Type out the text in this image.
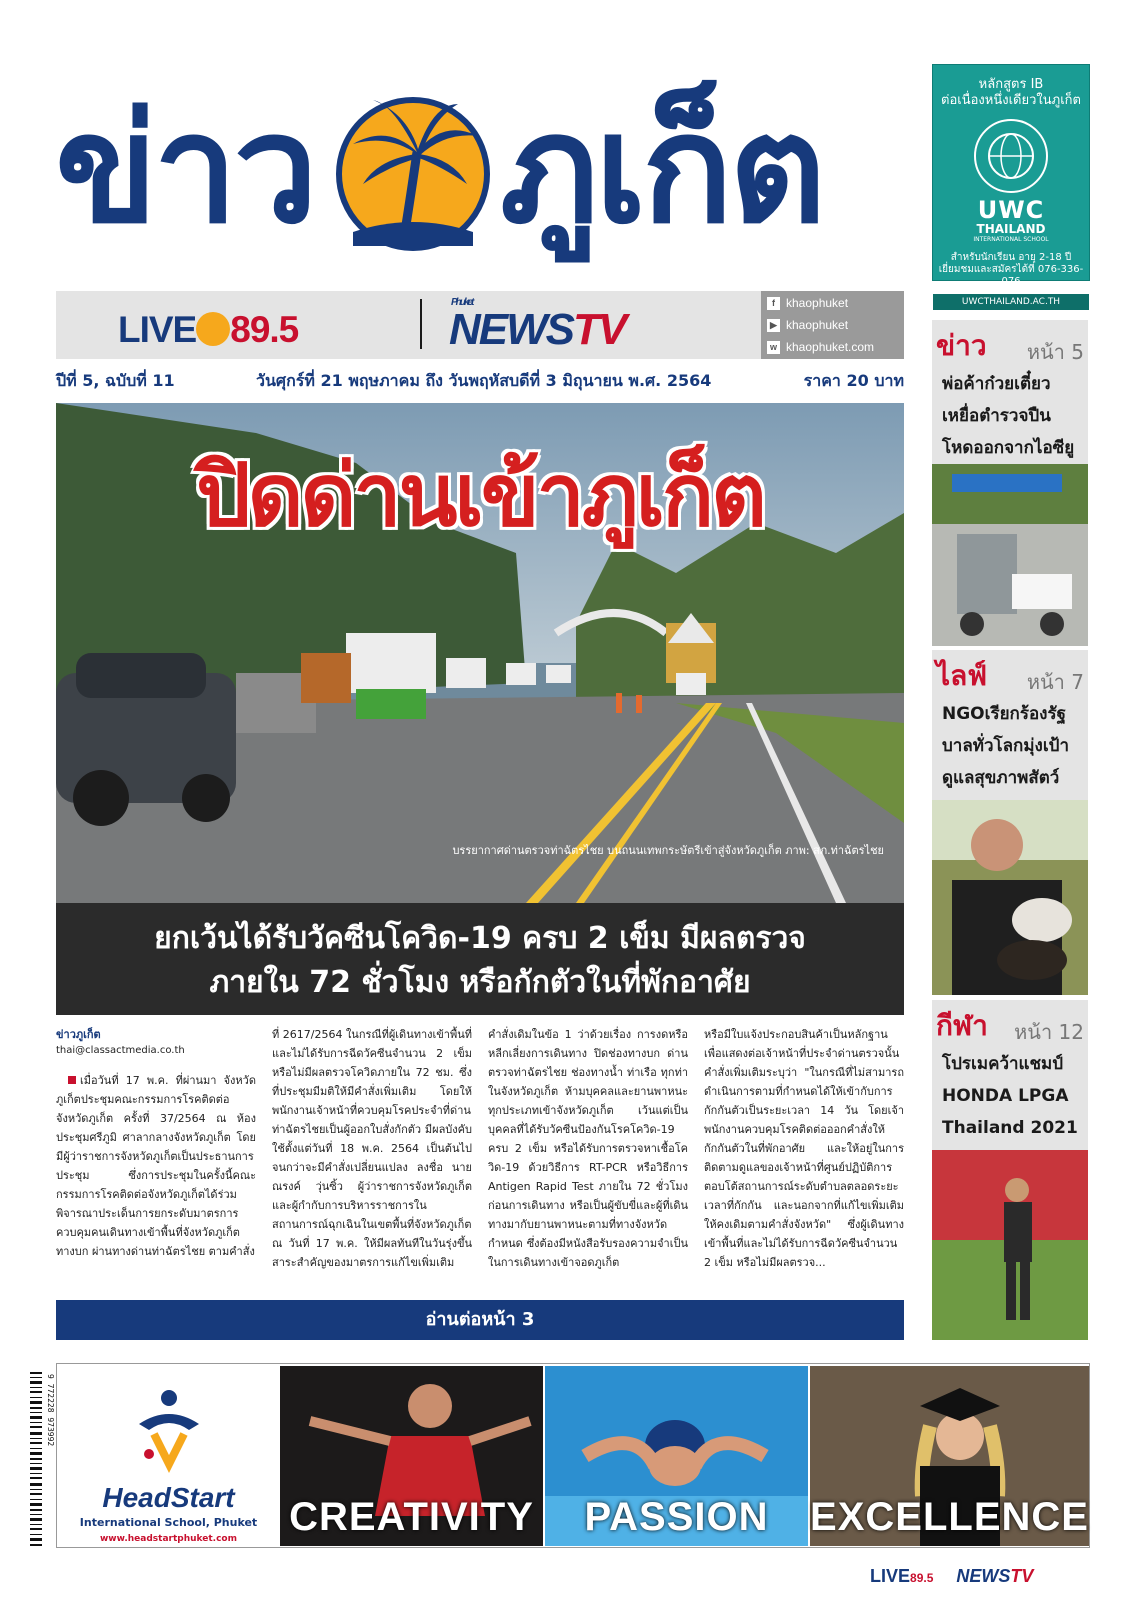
ข่าว ภูเก็ต	หลักสูตร IB
ต่อเนื่องหนึ่งเดียวในภูเก็ต
UWC
THAILAND
INTERNATIONAL SCHOOL
สำหรับนักเรียน อายุ 2-18 ปี
เยี่ยมชมและสมัครได้ที่ 076-336-076
UWCTHAILAND.AC.TH
LIVE 89.5
Phuket
NEWSTV
f khaophuket
▶ khaophuket
w khaophuket.com
ปีที่ 5, ฉบับที่ 11	วันศุกร์ที่ 21 พฤษภาคม ถึง วันพฤหัสบดีที่ 3 มิถุนายน พ.ศ. 2564	ราคา 20 บาท
ปิดด่านเข้าภูเก็ต
บรรยากาศด่านตรวจท่าฉัตรไชย บนถนนเทพกระษัตรีเข้าสู่จังหวัดภูเก็ต ภาพ: สภ.ท่าฉัตรไชย
ยกเว้นได้รับวัคซีนโควิด-19 ครบ 2 เข็ม มีผลตรวจ
ภายใน 72 ชั่วโมง หรือกักตัวในที่พักอาศัย
ข่าวภูเก็ต
thai@classactmedia.co.th
เมื่อวันที่ 17 พ.ค. ที่ผ่านมา จังหวัดภูเก็ตประชุมคณะกรรมการโรคติดต่อจังหวัดภูเก็ต ครั้งที่ 37/2564 ณ ห้องประชุมศรีภูมิ ศาลากลางจังหวัดภูเก็ต โดยมีผู้ว่าราชการจังหวัดภูเก็ตเป็นประธานการประชุม ซึ่งการประชุมในครั้งนี้คณะกรรมการโรคติดต่อจังหวัดภูเก็ตได้ร่วมพิจารณาประเด็นการยกระดับมาตรการควบคุมคนเดินทางเข้าพื้นที่จังหวัดภูเก็ต ทางบก ผ่านทางด่านท่าฉัตรไชย ตามคำสั่ง
ที่ 2617/2564 ในกรณีที่ผู้เดินทางเข้าพื้นที่ และไม่ได้รับการฉีดวัคซีนจำนวน 2 เข็ม หรือไม่มีผลตรวจโควิดภายใน 72 ชม. ซึ่งที่ประชุมมีมติให้มีคำสั่งเพิ่มเติม โดยให้พนักงานเจ้าหน้าที่ควบคุมโรคประจำที่ด่านท่าฉัตรไชยเป็นผู้ออกใบสั่งกักตัว มีผลบังคับใช้ตั้งแต่วันที่ 18 พ.ค. 2564 เป็นต้นไป จนกว่าจะมีคำสั่งเปลี่ยนแปลง ลงชื่อ นายณรงค์ วุ่นซิ้ว ผู้ว่าราชการจังหวัดภูเก็ต และผู้กำกับการบริหารราชการในสถานการณ์ฉุกเฉินในเขตพื้นที่จังหวัดภูเก็ต ณ วันที่ 17 พ.ค. ให้มีผลทันทีในวันรุ่งขึ้น สาระสำคัญของมาตรการแก้ไขเพิ่มเติม
คำสั่งเดิมในข้อ 1 ว่าด้วยเรื่อง การงดหรือหลีกเลี่ยงการเดินทาง ปิดช่องทางบก ด่านตรวจท่าฉัตรไชย ช่องทางน้ำ ท่าเรือ ทุกท่าในจังหวัดภูเก็ต ห้ามบุคคลและยานพาหนะทุกประเภทเข้าจังหวัดภูเก็ต เว้นแต่เป็นบุคคลที่ได้รับวัคซีนป้องกันโรคโควิด-19 ครบ 2 เข็ม หรือได้รับการตรวจหาเชื้อโควิด-19 ด้วยวิธีการ RT-PCR หรือวิธีการ Antigen Rapid Test ภายใน 72 ชั่วโมง ก่อนการเดินทาง หรือเป็นผู้ขับขี่และผู้ที่เดินทางมากับยานพาหนะตามที่ทางจังหวัดกำหนด ซึ่งต้องมีหนังสือรับรองความจำเป็นในการเดินทางเข้าจอดภูเก็ต
หรือมีใบแจ้งประกอบสินค้าเป็นหลักฐาน เพื่อแสดงต่อเจ้าหน้าที่ประจำด่านตรวจนั้น คำสั่งเพิ่มเติมระบุว่า "ในกรณีที่ไม่สามารถดำเนินการตามที่กำหนดได้ให้เข้ากับการกักกันตัวเป็นระยะเวลา 14 วัน โดยเจ้าพนักงานควบคุมโรคติดต่อออกคำสั่งให้กักกันตัวในที่พักอาศัย และให้อยู่ในการติดตามดูแลของเจ้าหน้าที่ศูนย์ปฏิบัติการตอบโต้สถานการณ์ระดับตำบลตลอดระยะเวลาที่กักกัน และนอกจากที่แก้ไขเพิ่มเติมให้คงเดิมตามคำสั่งจังหวัด" ซึ่งผู้เดินทางเข้าพื้นที่และไม่ได้รับการฉีดวัคซีนจำนวน 2 เข็ม หรือไม่มีผลตรวจ...
อ่านต่อหน้า 3
ข่าว หน้า 5
พ่อค้าก๋วยเตี๋ยว
เหยื่อตำรวจปืน
โหดออกจากไอซียู
ไลฟ์ หน้า 7
NGOเรียกร้องรัฐ
บาลทั่วโลกมุ่งเป้า
ดูแลสุขภาพสัตว์
กีฬา หน้า 12
โปรเมคว้าแชมป์
HONDA LPGA
Thailand 2021
HeadStart
International School, Phuket
www.headstartphuket.com	CREATIVITY	PASSION	EXCELLENCE
9 772228 973992
LIVE89.5 NEWSTV
